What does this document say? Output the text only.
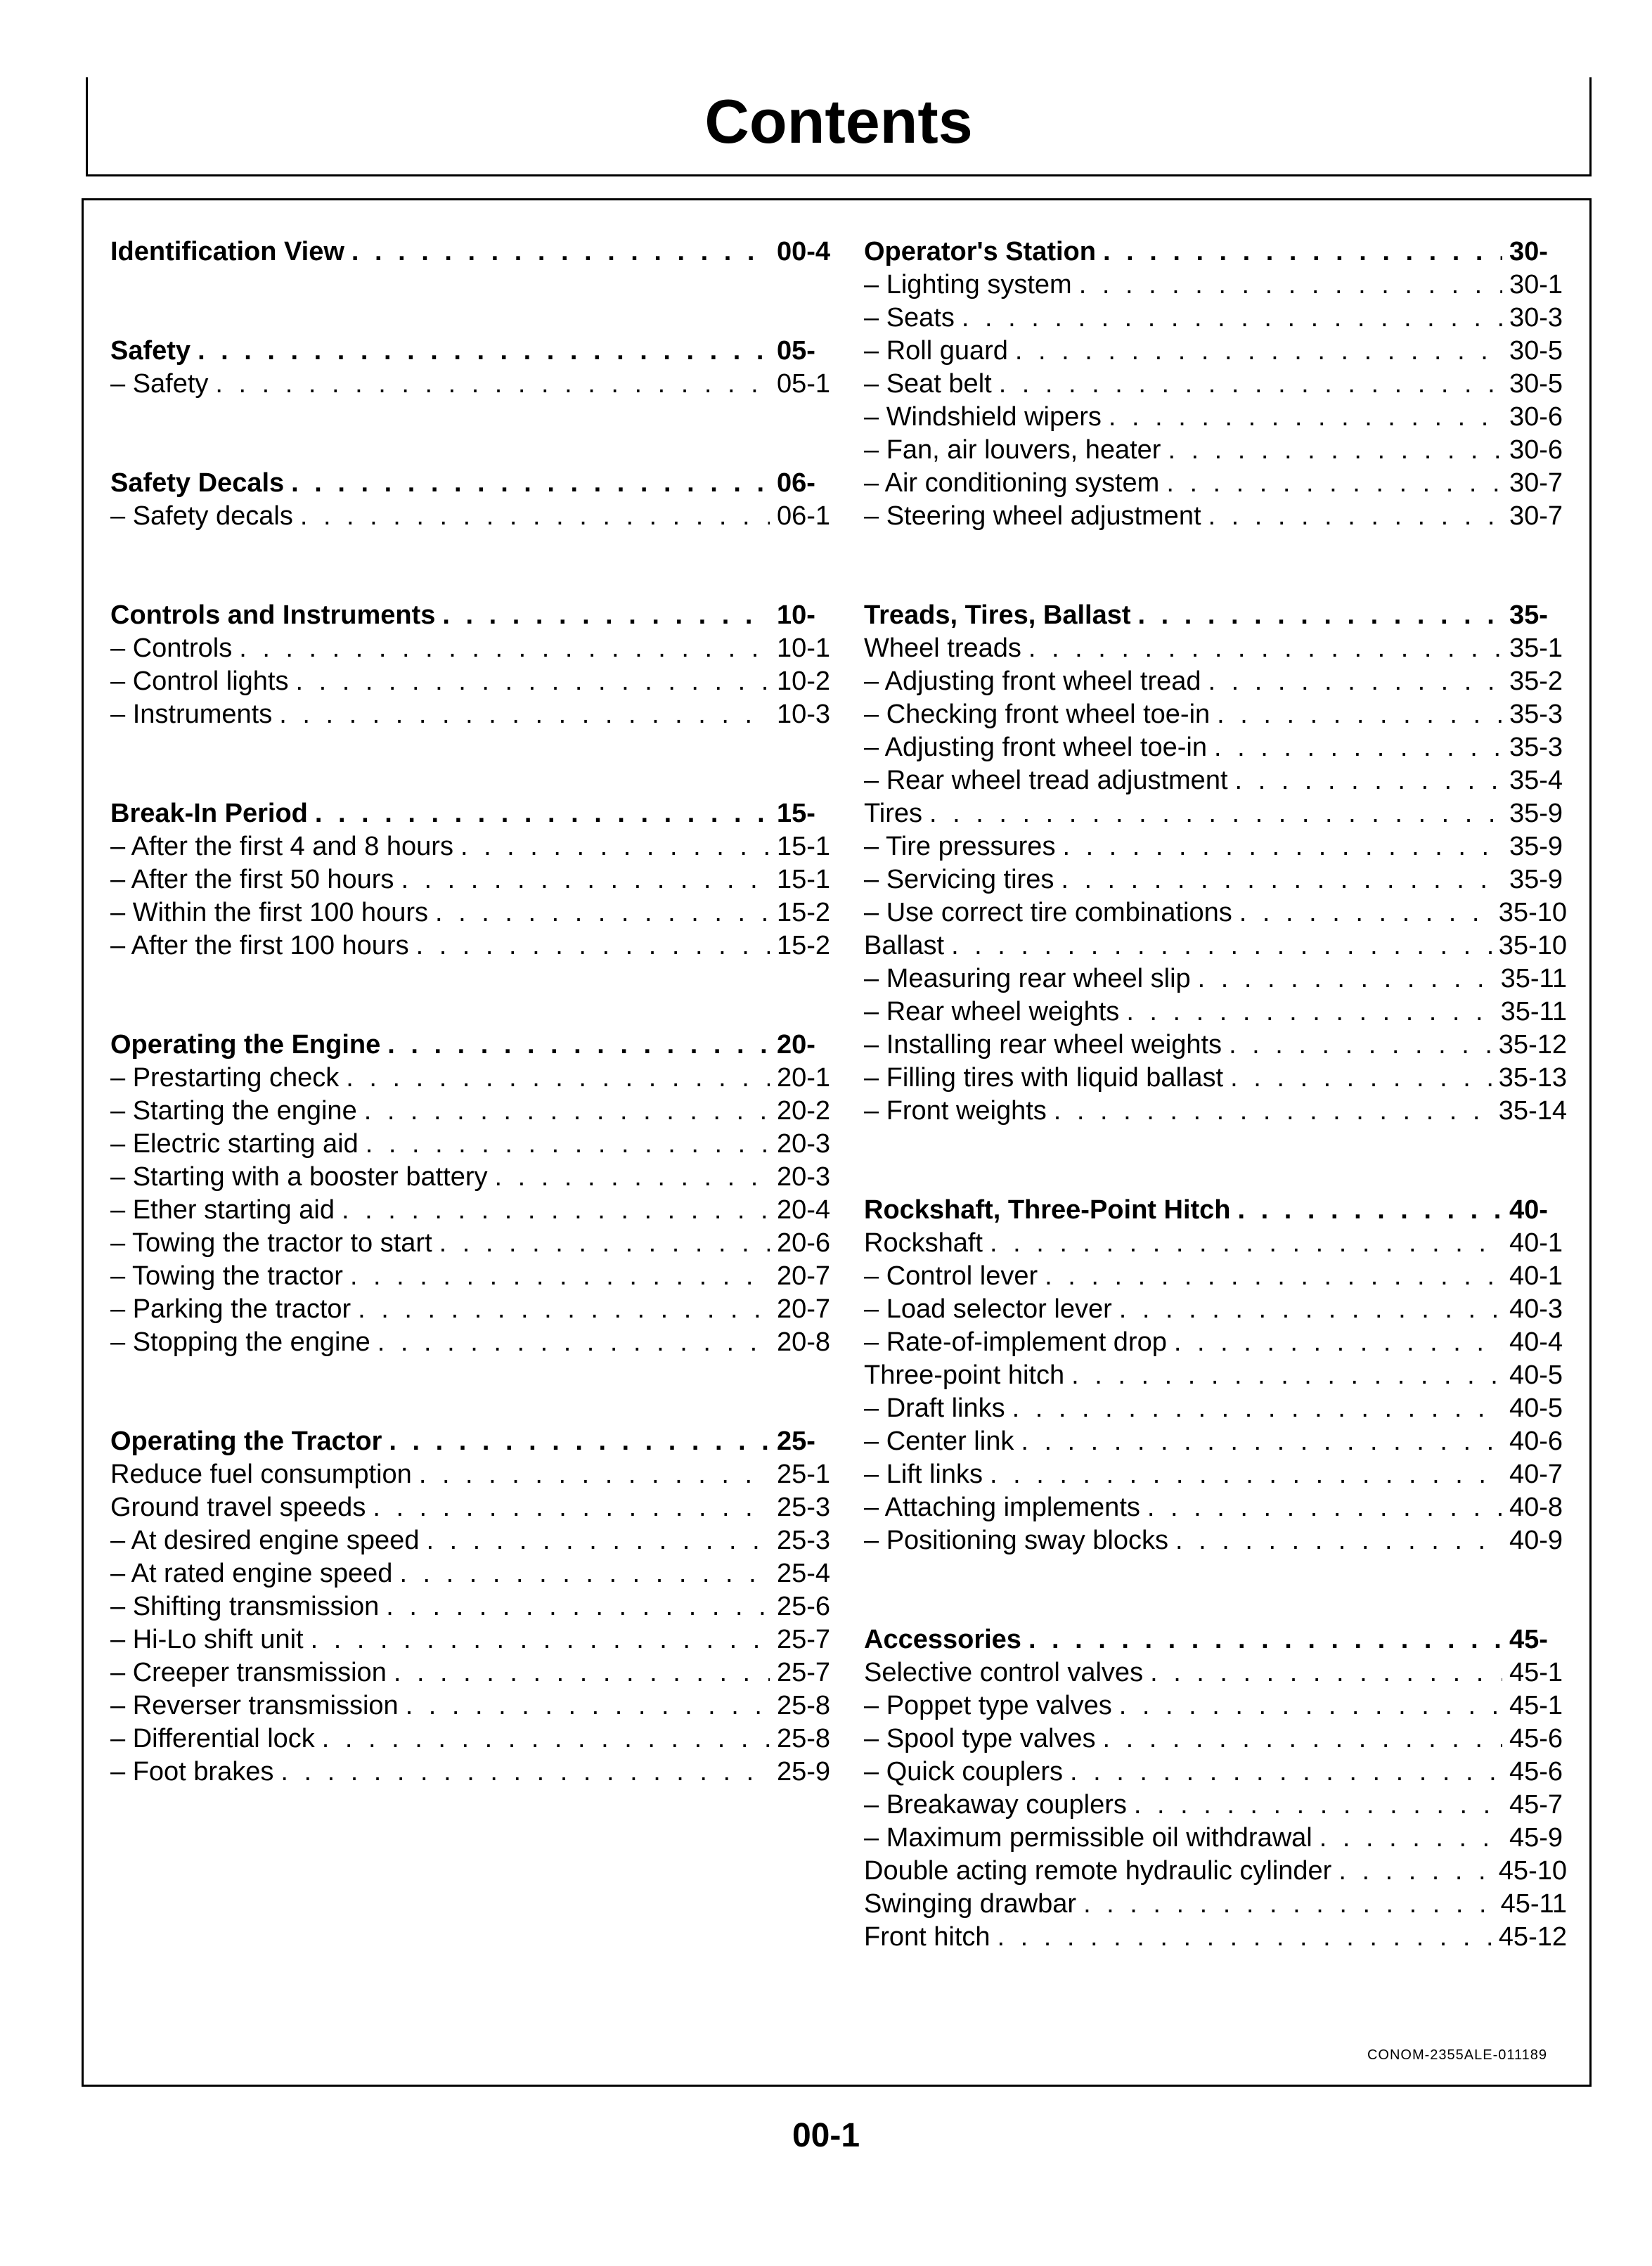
Contents
Identification View . . .	00-4
Safety . . .	05-
– Safety . . .	05-1
Safety Decals . . .	06-
– Safety decals . . .	06-1
Controls and Instruments . . .	10-
– Controls . . .	10-1
– Control lights . . .	10-2
– Instruments . . .	10-3
Break-In Period . . .	15-
– After the first 4 and 8 hours . . .	15-1
– After the first 50 hours . . .	15-1
– Within the first 100 hours . . .	15-2
– After the first 100 hours . . .	15-2
Operating the Engine . . .	20-
– Prestarting check . . .	20-1
– Starting the engine . . .	20-2
– Electric starting aid . . .	20-3
– Starting with a booster battery . . .	20-3
– Ether starting aid . . .	20-4
– Towing the tractor to start . . .	20-6
– Towing the tractor . . .	20-7
– Parking the tractor . . .	20-7
– Stopping the engine . . .	20-8
Operating the Tractor . . .	25-
Reduce fuel consumption . . .	25-1
Ground travel speeds . . .	25-3
– At desired engine speed . . .	25-3
– At rated engine speed . . .	25-4
– Shifting transmission . . .	25-6
– Hi-Lo shift unit . . .	25-7
– Creeper transmission . . .	25-7
– Reverser transmission . . .	25-8
– Differential lock . . .	25-8
– Foot brakes . . .	25-9
Operator's Station . . .	30-
– Lighting system . . .	30-1
– Seats . . .	30-3
– Roll guard . . .	30-5
– Seat belt . . .	30-5
– Windshield wipers . . .	30-6
– Fan, air louvers, heater . . .	30-6
– Air conditioning system . . .	30-7
– Steering wheel adjustment . . .	30-7
Treads, Tires, Ballast . . .	35-
Wheel treads . . .	35-1
– Adjusting front wheel tread . . .	35-2
– Checking front wheel toe-in . . .	35-3
– Adjusting front wheel toe-in . . .	35-3
– Rear wheel tread adjustment . . .	35-4
Tires . . .	35-9
– Tire pressures . . .	35-9
– Servicing tires . . .	35-9
– Use correct tire combinations . . .	35-10
Ballast . . .	35-10
– Measuring rear wheel slip . . .	35-11
– Rear wheel weights . . .	35-11
– Installing rear wheel weights . . .	35-12
– Filling tires with liquid ballast . . .	35-13
– Front weights . . .	35-14
Rockshaft, Three-Point Hitch . . .	40-
Rockshaft . . .	40-1
– Control lever . . .	40-1
– Load selector lever . . .	40-3
– Rate-of-implement drop . . .	40-4
Three-point hitch . . .	40-5
– Draft links . . .	40-5
– Center link . . .	40-6
– Lift links . . .	40-7
– Attaching implements . . .	40-8
– Positioning sway blocks . . .	40-9
Accessories . . .	45-
Selective control valves . . .	45-1
– Poppet type valves . . .	45-1
– Spool type valves . . .	45-6
– Quick couplers . . .	45-6
– Breakaway couplers . . .	45-7
– Maximum permissible oil withdrawal . . .	45-9
Double acting remote hydraulic cylinder . . .	45-10
Swinging drawbar . . .	45-11
Front hitch . . .	45-12
CONOM-2355ALE-011189
00-1
